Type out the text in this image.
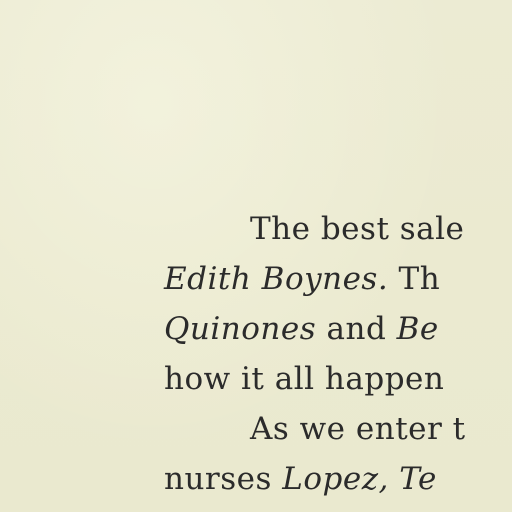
The best sale
Edith Boynes. Th
Quinones and Be
how it all happen
As we enter t
nurses Lopez, Te
